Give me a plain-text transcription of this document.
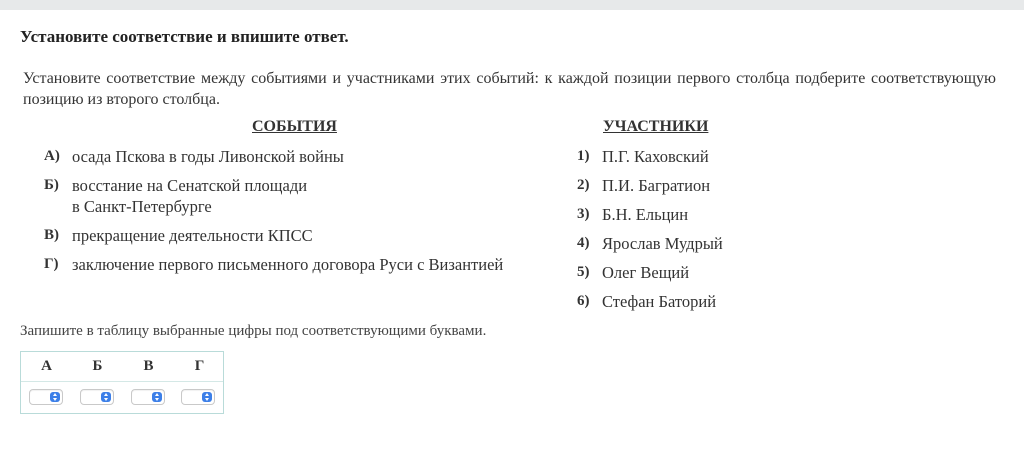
Установите соответствие и впишите ответ.
Установите соответствие между событиями и участниками этих событий: к каждой позиции первого столбца подберите соответствующую позицию из второго столбца.
СОБЫТИЯ	УЧАСТНИКИ
А) осада Пскова в годы Ливонской войны
Б) восстание на Сенатской площади
в Санкт-Петербурге
В) прекращение деятельности КПСС
Г) заключение первого письменного договора Руси с Византией
1) П.Г. Каховский
2) П.И. Багратион
3) Б.Н. Ельцин
4) Ярослав Мудрый
5) Олег Вещий
6) Стефан Баторий
Запишите в таблицу выбранные цифры под соответствующими буквами.
А	Б	В	Г
